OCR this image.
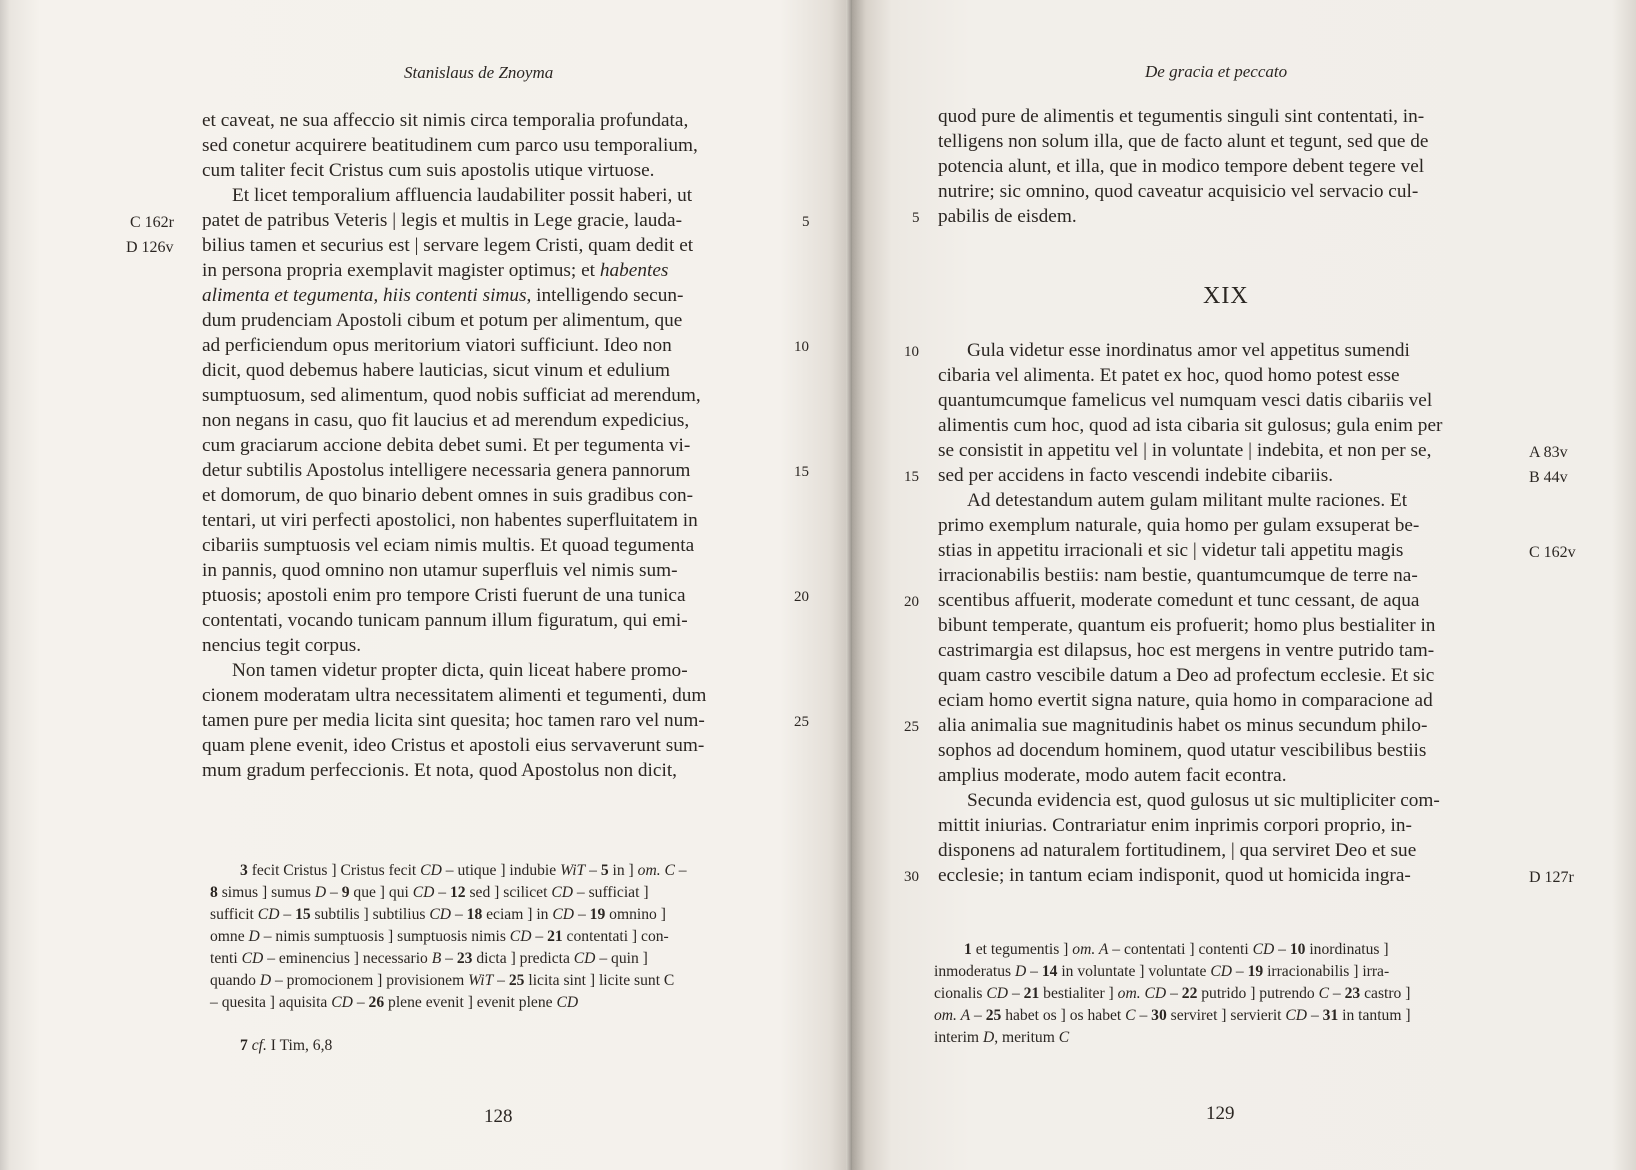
Stanislaus de Znoyma
et caveat, ne sua affeccio sit nimis circa temporalia profundata,
sed conetur acquirere beatitudinem cum parco usu temporalium,
cum taliter fecit Cristus cum suis apostolis utique virtuose.
Et licet temporalium affluencia laudabiliter possit haberi, ut
patet de patribus Veteris | legis et multis in Lege gracie, lauda-
bilius tamen et securius est | servare legem Cristi, quam dedit et
in persona propria exemplavit magister optimus; et habentes
alimenta et tegumenta, hiis contenti simus, intelligendo secun-
dum prudenciam Apostoli cibum et potum per alimentum, que
ad perficiendum opus meritorium viatori sufficiunt. Ideo non
dicit, quod debemus habere lauticias, sicut vinum et edulium
sumptuosum, sed alimentum, quod nobis sufficiat ad merendum,
non negans in casu, quo fit laucius et ad merendum expedicius,
cum graciarum accione debita debet sumi. Et per tegumenta vi-
detur subtilis Apostolus intelligere necessaria genera pannorum
et domorum, de quo binario debent omnes in suis gradibus con-
tentari, ut viri perfecti apostolici, non habentes superfluitatem in
cibariis sumptuosis vel eciam nimis multis. Et quoad tegumenta
in pannis, quod omnino non utamur superfluis vel nimis sum-
ptuosis; apostoli enim pro tempore Cristi fuerunt de una tunica
contentati, vocando tunicam pannum illum figuratum, qui emi-
nencius tegit corpus.
Non tamen videtur propter dicta, quin liceat habere promo-
cionem moderatam ultra necessitatem alimenti et tegumenti, dum
tamen pure per media licita sint quesita; hoc tamen raro vel num-
quam plene evenit, ideo Cristus et apostoli eius servaverunt sum-
mum gradum perfeccionis. Et nota, quod Apostolus non dicit,
5
10
15
20
25
C 162r
D 126v
3 fecit Cristus ] Cristus fecit CD – utique ] indubie WiT – 5 in ] om. C –
8 simus ] sumus D – 9 que ] qui CD – 12 sed ] scilicet CD – sufficiat ]
sufficit CD – 15 subtilis ] subtilius CD – 18 eciam ] in CD – 19 omnino ]
omne D – nimis sumptuosis ] sumptuosis nimis CD – 21 contentati ] con-
tenti CD – eminencius ] necessario B – 23 dicta ] predicta CD – quin ]
quando D – promocionem ] provisionem WiT – 25 licita sint ] licite sunt C
– quesita ] aquisita CD – 26 plene evenit ] evenit plene CD
7 cf. I Tim, 6,8
128
De gracia et peccato
quod pure de alimentis et tegumentis singuli sint contentati, in-
telligens non solum illa, que de facto alunt et tegunt, sed que de
potencia alunt, et illa, que in modico tempore debent tegere vel
nutrire; sic omnino, quod caveatur acquisicio vel servacio cul-
pabilis de eisdem.
XIX
Gula videtur esse inordinatus amor vel appetitus sumendi
cibaria vel alimenta. Et patet ex hoc, quod homo potest esse
quantumcumque famelicus vel numquam vesci datis cibariis vel
alimentis cum hoc, quod ad ista cibaria sit gulosus; gula enim per
se consistit in appetitu vel | in voluntate | indebita, et non per se,
sed per accidens in facto vescendi indebite cibariis.
Ad detestandum autem gulam militant multe raciones. Et
primo exemplum naturale, quia homo per gulam exsuperat be-
stias in appetitu irracionali et sic | videtur tali appetitu magis
irracionabilis bestiis: nam bestie, quantumcumque de terre na-
scentibus affuerit, moderate comedunt et tunc cessant, de aqua
bibunt temperate, quantum eis profuerit; homo plus bestialiter in
castrimargia est dilapsus, hoc est mergens in ventre putrido tam-
quam castro vescibile datum a Deo ad profectum ecclesie. Et sic
eciam homo evertit signa nature, quia homo in comparacione ad
alia animalia sue magnitudinis habet os minus secundum philo-
sophos ad docendum hominem, quod utatur vescibilibus bestiis
amplius moderate, modo autem facit econtra.
Secunda evidencia est, quod gulosus ut sic multipliciter com-
mittit iniurias. Contrariatur enim inprimis corpori proprio, in-
disponens ad naturalem fortitudinem, | qua serviret Deo et sue
ecclesie; in tantum eciam indisponit, quod ut homicida ingra-
5
10
15
20
25
30
A 83v
B 44v
C 162v
D 127r
1 et tegumentis ] om. A – contentati ] contenti CD – 10 inordinatus ]
inmoderatus D – 14 in voluntate ] voluntate CD – 19 irracionabilis ] irra-
cionalis CD – 21 bestialiter ] om. CD – 22 putrido ] putrendo C – 23 castro ]
om. A – 25 habet os ] os habet C – 30 serviret ] servierit CD – 31 in tantum ]
interim D, meritum C
129
